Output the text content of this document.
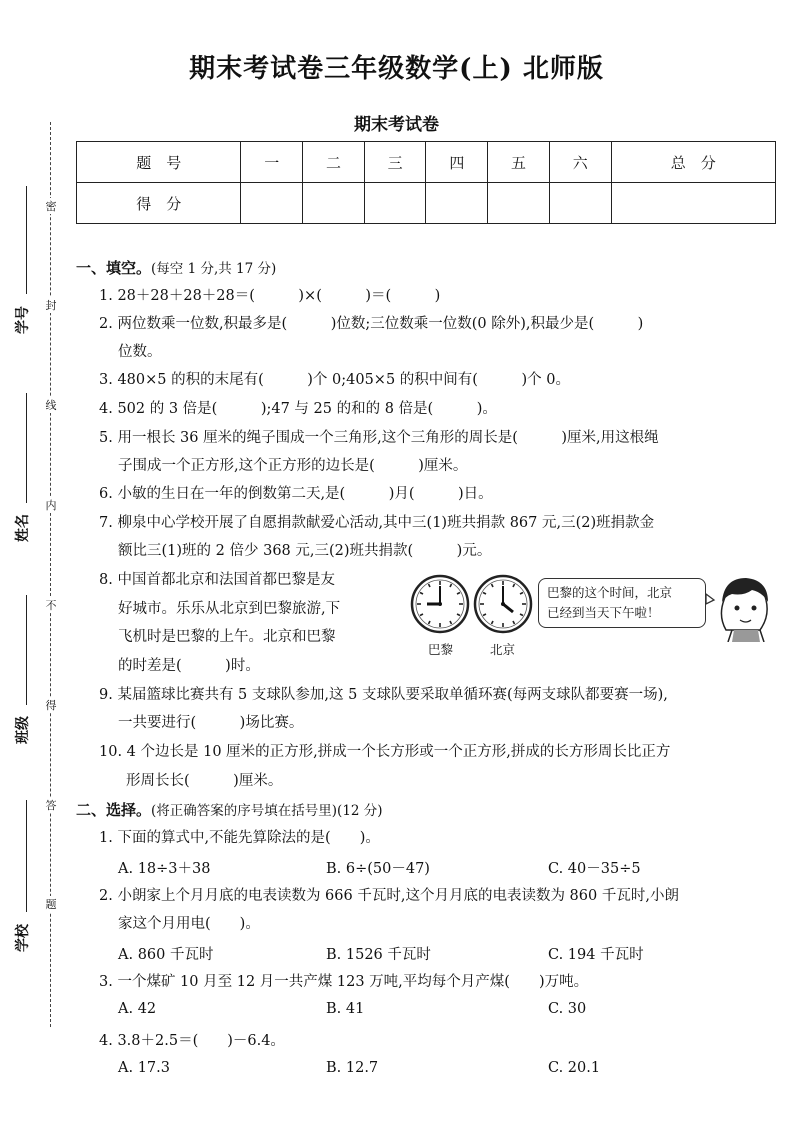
期末考试卷三年级数学(上) 北师版
期末考试卷
题　号	一	二	三	四	五	六	总　分
得　分							
密
封
线
内
不
得
答
题
学号
姓名
班级
学校
一、填空。(每空 1 分,共 17 分)
1. 28＋28＋28＋28＝(　　　)×(　　　)＝(　　　)
2. 两位数乘一位数,积最多是(　　　)位数;三位数乘一位数(0 除外),积最少是(　　　)
位数。
3. 480×5 的积的末尾有(　　　)个 0;405×5 的积中间有(　　　)个 0。
4. 502 的 3 倍是(　　　);47 与 25 的和的 8 倍是(　　　)。
5. 用一根长 36 厘米的绳子围成一个三角形,这个三角形的周长是(　　　)厘米,用这根绳
子围成一个正方形,这个正方形的边长是(　　　)厘米。
6. 小敏的生日在一年的倒数第二天,是(　　　)月(　　　)日。
7. 柳泉中心学校开展了自愿捐款献爱心活动,其中三(1)班共捐款 867 元,三(2)班捐款金
额比三(1)班的 2 倍少 368 元,三(2)班共捐款(　　　)元。
8. 中国首都北京和法国首都巴黎是友
好城市。乐乐从北京到巴黎旅游,下
飞机时是巴黎的上午。北京和巴黎
的时差是(　　　)时。
巴黎	北京
巴黎的这个时间，北京
已经到当天下午啦！
9. 某届篮球比赛共有 5 支球队参加,这 5 支球队要采取单循环赛(每两支球队都要赛一场),
一共要进行(　　　)场比赛。
10. 4 个边长是 10 厘米的正方形,拼成一个长方形或一个正方形,拼成的长方形周长比正方
形周长长(　　　)厘米。
二、选择。(将正确答案的序号填在括号里)(12 分)
1. 下面的算式中,不能先算除法的是(　　)。
A. 18÷3＋38	B. 6÷(50－47)	C. 40－35÷5
2. 小朗家上个月月底的电表读数为 666 千瓦时,这个月月底的电表读数为 860 千瓦时,小朗
家这个月用电(　　)。
A. 860 千瓦时	B. 1526 千瓦时	C. 194 千瓦时
3. 一个煤矿 10 月至 12 月一共产煤 123 万吨,平均每个月产煤(　　)万吨。
A. 42	B. 41	C. 30
4. 3.8＋2.5＝(　　)－6.4。
A. 17.3	B. 12.7	C. 20.1
